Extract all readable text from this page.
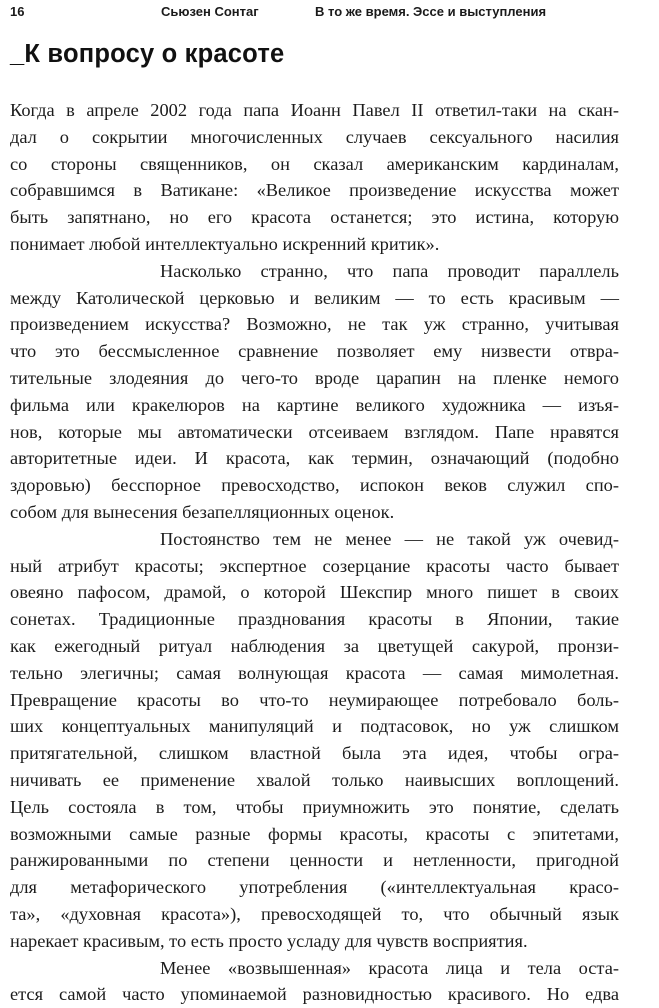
16	Сьюзен Сонтаг	В то же время. Эссе и выступления
_К вопросу о красоте
Когда в апреле 2002 года папа Иоанн Павел II ответил-таки на скан-
дал о сокрытии многочисленных случаев сексуального насилия
со стороны священников, он сказал американским кардиналам,
собравшимся в Ватикане: «Великое произведение искусства может
быть запятнано, но его красота останется; это истина, которую
понимает любой интеллектуально искренний критик».
Насколько странно, что папа проводит параллель
между Католической церковью и великим — то есть красивым —
произведением искусства? Возможно, не так уж странно, учитывая
что это бессмысленное сравнение позволяет ему низвести отвра-
тительные злодеяния до чего-то вроде царапин на пленке немого
фильма или кракелюров на картине великого художника — изъя-
нов, которые мы автоматически отсеиваем взглядом. Папе нравятся
авторитетные идеи. И красота, как термин, означающий (подобно
здоровью) бесспорное превосходство, испокон веков служил спо-
собом для вынесения безапелляционных оценок.
Постоянство тем не менее — не такой уж очевид-
ный атрибут красоты; экспертное созерцание красоты часто бывает
овеяно пафосом, драмой, о которой Шекспир много пишет в своих
сонетах. Традиционные празднования красоты в Японии, такие
как ежегодный ритуал наблюдения за цветущей сакурой, пронзи-
тельно элегичны; самая волнующая красота — самая мимолетная.
Превращение красоты во что-то неумирающее потребовало боль-
ших концептуальных манипуляций и подтасовок, но уж слишком
притягательной, слишком властной была эта идея, чтобы огра-
ничивать ее применение хвалой только наивысших воплощений.
Цель состояла в том, чтобы приумножить это понятие, сделать
возможными самые разные формы красоты, красоты с эпитетами,
ранжированными по степени ценности и нетленности, пригодной
для метафорического употребления («интеллектуальная красо-
та», «духовная красота»), превосходящей то, что обычный язык
нарекает красивым, то есть просто усладу для чувств восприятия.
Менее «возвышенная» красота лица и тела оста-
ется самой часто упоминаемой разновидностью красивого. Но едва
